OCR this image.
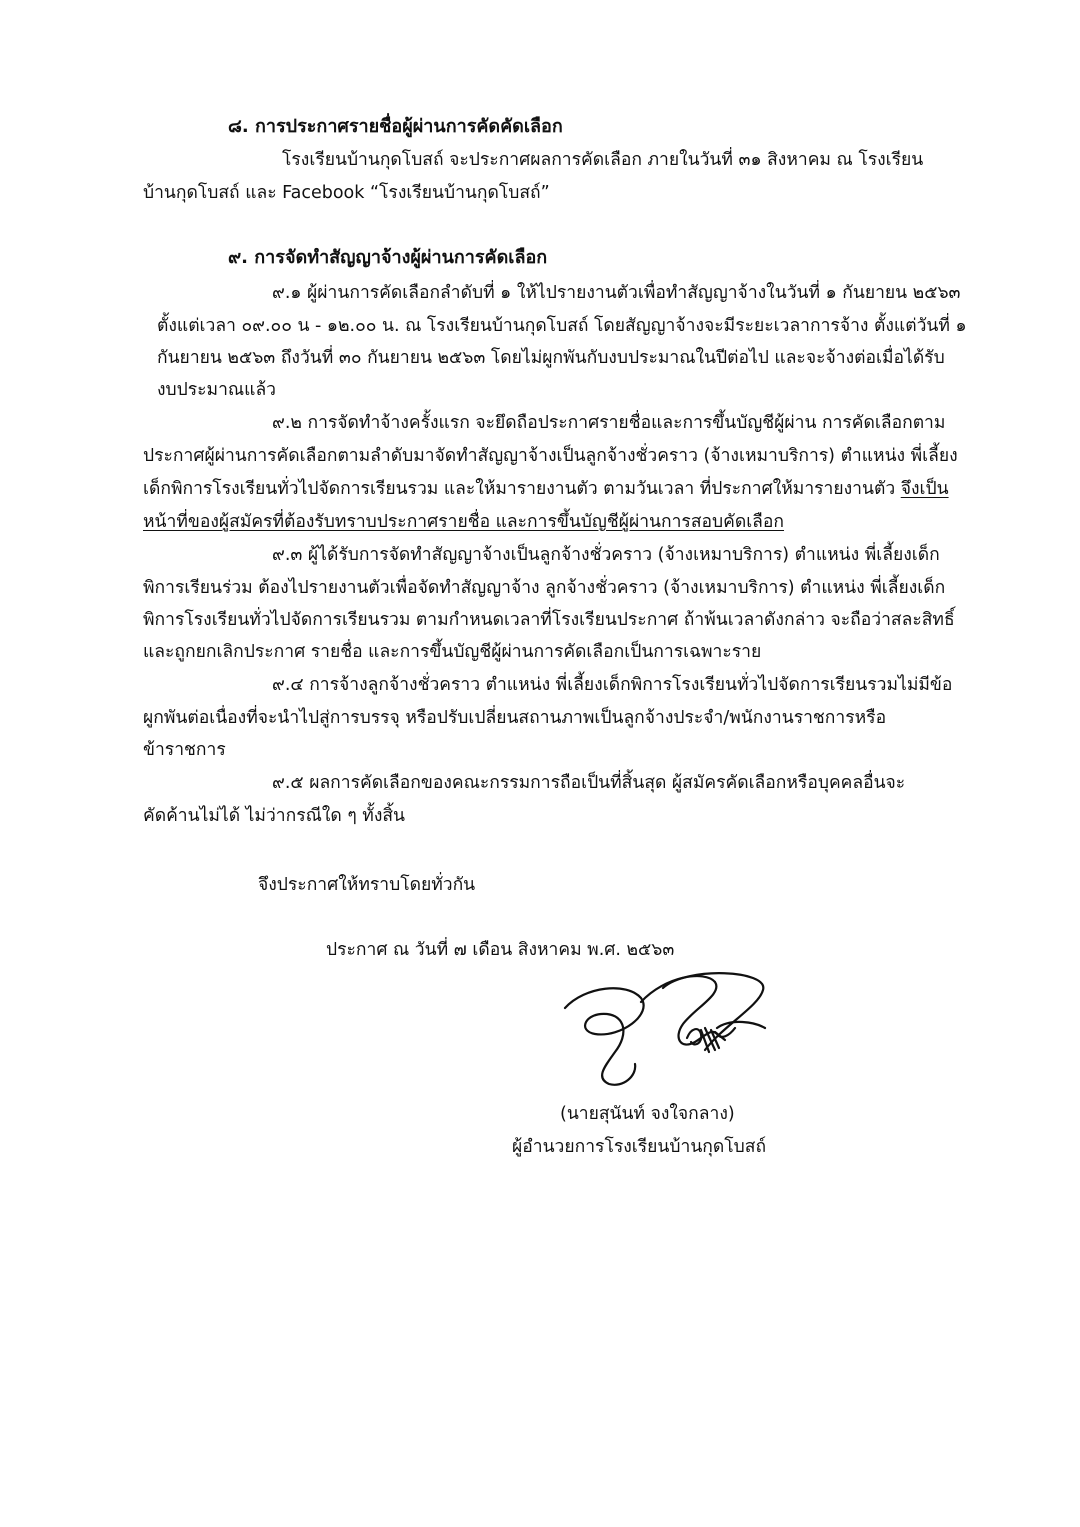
๘. การประกาศรายชื่อผู้ผ่านการคัดคัดเลือก

โรงเรียนบ้านกุดโบสถ์ จะประกาศผลการคัดเลือก ภายในวันที่ ๓๑ สิงหาคม ณ โรงเรียน

บ้านกุดโบสถ์ และ Facebook “โรงเรียนบ้านกุดโบสถ์”

๙. การจัดทำสัญญาจ้างผู้ผ่านการคัดเลือก

๙.๑ ผู้ผ่านการคัดเลือกลำดับที่ ๑ ให้ไปรายงานตัวเพื่อทำสัญญาจ้างในวันที่ ๑ กันยายน ๒๕๖๓

ตั้งแต่เวลา ๐๙.๐๐ น - ๑๒.๐๐ น. ณ โรงเรียนบ้านกุดโบสถ์ โดยสัญญาจ้างจะมีระยะเวลาการจ้าง ตั้งแต่วันที่ ๑

กันยายน ๒๕๖๓ ถึงวันที่ ๓๐ กันยายน ๒๕๖๓ โดยไม่ผูกพันกับงบประมาณในปีต่อไป และจะจ้างต่อเมื่อได้รับ

งบประมาณแล้ว

๙.๒ การจัดทำจ้างครั้งแรก จะยึดถือประกาศรายชื่อและการขึ้นบัญชีผู้ผ่าน การคัดเลือกตาม

ประกาศผู้ผ่านการคัดเลือกตามลำดับมาจัดทำสัญญาจ้างเป็นลูกจ้างชั่วคราว (จ้างเหมาบริการ) ตำแหน่ง พี่เลี้ยง

เด็กพิการโรงเรียนทั่วไปจัดการเรียนรวม และให้มารายงานตัว ตามวันเวลา ที่ประกาศให้มารายงานตัว จึงเป็น

หน้าที่ของผู้สมัครที่ต้องรับทราบประกาศรายชื่อ และการขึ้นบัญชีผู้ผ่านการสอบคัดเลือก

๙.๓ ผู้ได้รับการจัดทำสัญญาจ้างเป็นลูกจ้างชั่วคราว (จ้างเหมาบริการ) ตำแหน่ง พี่เลี้ยงเด็ก

พิการเรียนร่วม ต้องไปรายงานตัวเพื่อจัดทำสัญญาจ้าง ลูกจ้างชั่วคราว (จ้างเหมาบริการ) ตำแหน่ง พี่เลี้ยงเด็ก

พิการโรงเรียนทั่วไปจัดการเรียนรวม ตามกำหนดเวลาที่โรงเรียนประกาศ ถ้าพ้นเวลาดังกล่าว จะถือว่าสละสิทธิ์

และถูกยกเลิกประกาศ รายชื่อ และการขึ้นบัญชีผู้ผ่านการคัดเลือกเป็นการเฉพาะราย

๙.๔ การจ้างลูกจ้างชั่วคราว ตำแหน่ง พี่เลี้ยงเด็กพิการโรงเรียนทั่วไปจัดการเรียนรวมไม่มีข้อ

ผูกพันต่อเนื่องที่จะนำไปสู่การบรรจุ หรือปรับเปลี่ยนสถานภาพเป็นลูกจ้างประจำ/พนักงานราชการหรือ

ข้าราชการ

๙.๕ ผลการคัดเลือกของคณะกรรมการถือเป็นที่สิ้นสุด ผู้สมัครคัดเลือกหรือบุคคลอื่นจะ

คัดค้านไม่ได้ ไม่ว่ากรณีใด ๆ ทั้งสิ้น

จึงประกาศให้ทราบโดยทั่วกัน

ประกาศ ณ วันที่ ๗ เดือน สิงหาคม พ.ศ. ๒๕๖๓

(นายสุนันท์ จงใจกลาง)

ผู้อำนวยการโรงเรียนบ้านกุดโบสถ์
